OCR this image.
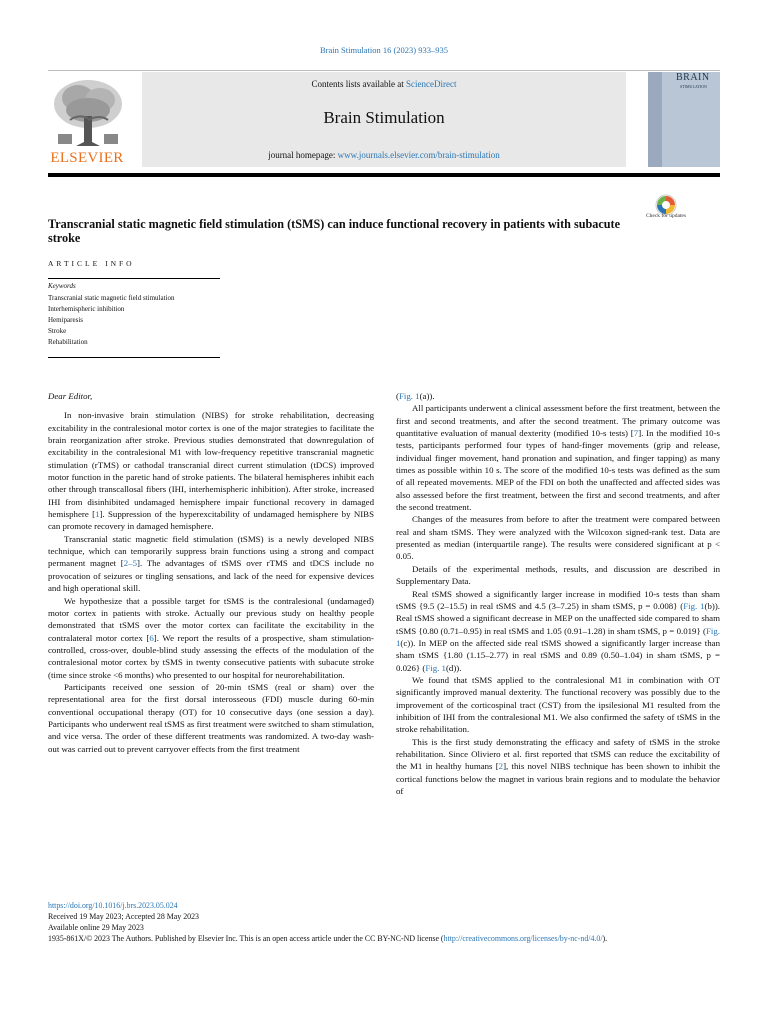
Brain Stimulation 16 (2023) 933–935
ELSEVIER
Contents lists available at ScienceDirect
Brain Stimulation
journal homepage: www.journals.elsevier.com/brain-stimulation
BRAIN
STIMULATION
Check for updates
Transcranial static magnetic field stimulation (tSMS) can induce functional recovery in patients with subacute stroke
ARTICLE INFO
Keywords
Transcranial static magnetic field stimulation
Interhemispheric inhibition
Hemiparesis
Stroke
Rehabilitation

Dear Editor,

In non-invasive brain stimulation (NIBS) for stroke rehabilitation, decreasing excitability in the contralesional motor cortex is one of the major strategies to facilitate the brain reorganization after stroke. Previous studies demonstrated that downregulation of excitability in the contralesional M1 with low-frequency repetitive transcranial magnetic stimulation (rTMS) or cathodal transcranial direct current stimulation (tDCS) improved motor function in the paretic hand of stroke patients. The bilateral hemispheres inhibit each other through transcallosal fibers (IHI, interhemispheric inhibition). After stroke, increased IHI from disinhibited undamaged hemisphere impair functional recovery in damaged hemisphere [1]. Suppression of the hyperexcitability of undamaged hemisphere by NIBS can promote recovery in damaged hemisphere.

Transcranial static magnetic field stimulation (tSMS) is a newly developed NIBS technique, which can temporarily suppress brain functions using a strong and compact permanent magnet [2–5]. The advantages of tSMS over rTMS and tDCS include no provocation of seizures or tingling sensations, and lack of the need for expensive devices and high operational skill.

We hypothesize that a possible target for tSMS is the contralesional (undamaged) motor cortex in patients with stroke. Actually our previous study on healthy people demonstrated that tSMS over the motor cortex can facilitate the excitability in the contralateral motor cortex [6]. We report the results of a prospective, sham stimulation-controlled, cross-over, double-blind study assessing the effects of the modulation of the contralesional motor cortex by tSMS in twenty consecutive patients with subacute stroke (time since stroke <6 months) who presented to our hospital for neurorehabilitation.

Participants received one session of 20-min tSMS (real or sham) over the representational area for the first dorsal interosseous (FDI) muscle during 60-min conventional occupational therapy (OT) for 10 consecutive days (one session a day). Participants who underwent real tSMS as first treatment were switched to sham stimulation, and vice versa. The order of these different treatments was randomized. A two-day wash-out was carried out to prevent carryover effects from the first treatment

(Fig. 1(a)).

All participants underwent a clinical assessment before the first treatment, between the first and second treatments, and after the second treatment. The primary outcome was quantitative evaluation of manual dexterity (modified 10-s tests) [7]. In the modified 10-s tests, participants performed four types of hand-finger movements (grip and release, individual finger movement, hand pronation and supination, and finger tapping) as many times as possible within 10 s. The score of the modified 10-s tests was defined as the sum of all repeated movements. MEP of the FDI on both the unaffected and affected sides was also assessed before the first treatment, between the first and second treatments, and after the second treatment.

Changes of the measures from before to after the treatment were compared between real and sham tSMS. They were analyzed with the Wilcoxon signed-rank test. Data are presented as median (interquartile range). The results were considered significant at p < 0.05.

Details of the experimental methods, results, and discussion are described in Supplementary Data.

Real tSMS showed a significantly larger increase in modified 10-s tests than sham tSMS {9.5 (2–15.5) in real tSMS and 4.5 (3–7.25) in sham tSMS, p = 0.008} (Fig. 1(b)). Real tSMS showed a significant decrease in MEP on the unaffected side compared to sham tSMS {0.80 (0.71–0.95) in real tSMS and 1.05 (0.91–1.28) in sham tSMS, p = 0.019} (Fig. 1(c)). In MEP on the affected side real tSMS showed a significantly larger increase than sham tSMS {1.80 (1.15–2.77) in real tSMS and 0.89 (0.50–1.04) in sham tSMS, p = 0.026} (Fig. 1(d)).

We found that tSMS applied to the contralesional M1 in combination with OT significantly improved manual dexterity. The functional recovery was possibly due to the improvement of the corticospinal tract (CST) from the ipsilesional M1 resulted from the inhibition of IHI from the contralesional M1. We also confirmed the safety of tSMS in the stroke rehabilitation.

This is the first study demonstrating the efficacy and safety of tSMS in the stroke rehabilitation. Since Oliviero et al. first reported that tSMS can reduce the excitability of the M1 in healthy humans [2], this novel NIBS technique has been shown to inhibit the cortical functions below the magnet in various brain regions and to modulate the behavior of

https://doi.org/10.1016/j.brs.2023.05.024
Received 19 May 2023; Accepted 28 May 2023
Available online 29 May 2023
1935-861X/© 2023 The Authors. Published by Elsevier Inc. This is an open access article under the CC BY-NC-ND license (http://creativecommons.org/licenses/by-nc-nd/4.0/).
